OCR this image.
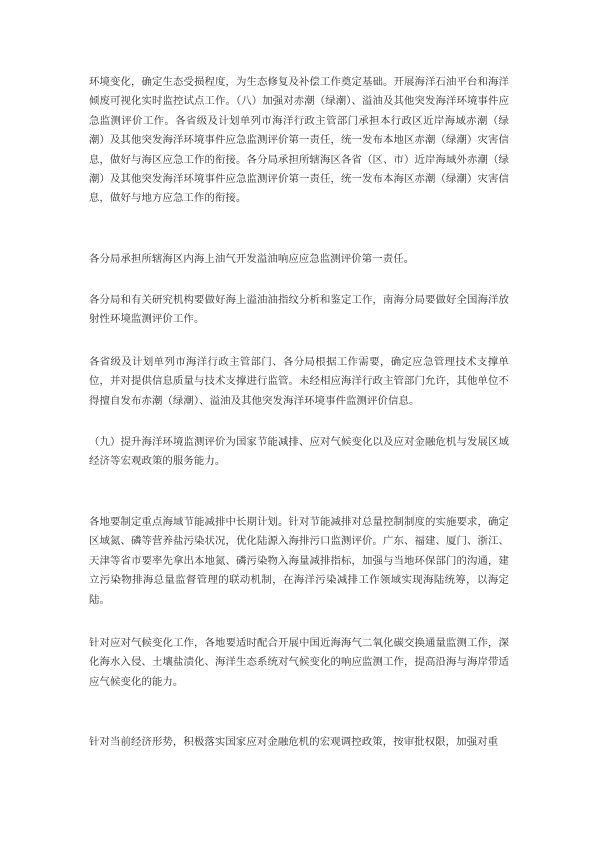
环境变化，确定生态受损程度，为生态修复及补偿工作奠定基础。开展海洋石油平台和海洋倾废可视化实时监控试点工作。（八）加强对赤潮（绿潮）、溢油及其他突发海洋环境事件应急监测评价工作。各省级及计划单列市海洋行政主管部门承担本行政区近岸海域赤潮（绿潮）及其他突发海洋环境事件应急监测评价第一责任，统一发布本地区赤潮（绿潮）灾害信息，做好与海区应急工作的衔接。各分局承担所辖海区各省（区、市）近岸海域外赤潮（绿潮）及其他突发海洋环境事件应急监测评价第一责任，统一发布本海区赤潮（绿潮）灾害信息，做好与地方应急工作的衔接。

各分局承担所辖海区内海上油气开发溢油响应应急监测评价第一责任。

各分局和有关研究机构要做好海上溢油油指纹分析和鉴定工作，南海分局要做好全国海洋放射性环境监测评价工作。

各省级及计划单列市海洋行政主管部门、各分局根据工作需要，确定应急管理技术支撑单位，并对提供信息质量与技术支撑进行监管。未经相应海洋行政主管部门允许，其他单位不得擅自发布赤潮（绿潮）、溢油及其他突发海洋环境事件监测评价信息。

（九）提升海洋环境监测评价为国家节能减排、应对气候变化以及应对金融危机与发展区域经济等宏观政策的服务能力。

各地要制定重点海域节能减排中长期计划。针对节能减排对总量控制制度的实施要求，确定区域氮、磷等营养盐污染状况，优化陆源入海排污口监测评价。广东、福建、厦门、浙江、天津等省市要率先拿出本地氮、磷污染物入海量减排指标，加强与当地环保部门的沟通，建立污染物排海总量监督管理的联动机制，在海洋污染减排工作领域实现海陆统筹，以海定陆。

针对应对气候变化工作，各地要适时配合开展中国近海海气二氧化碳交换通量监测工作，深化海水入侵、土壤盐渍化、海洋生态系统对气候变化的响应监测工作，提高沿海与海岸带适应气候变化的能力。

针对当前经济形势，积极落实国家应对金融危机的宏观调控政策，按审批权限，加强对重
